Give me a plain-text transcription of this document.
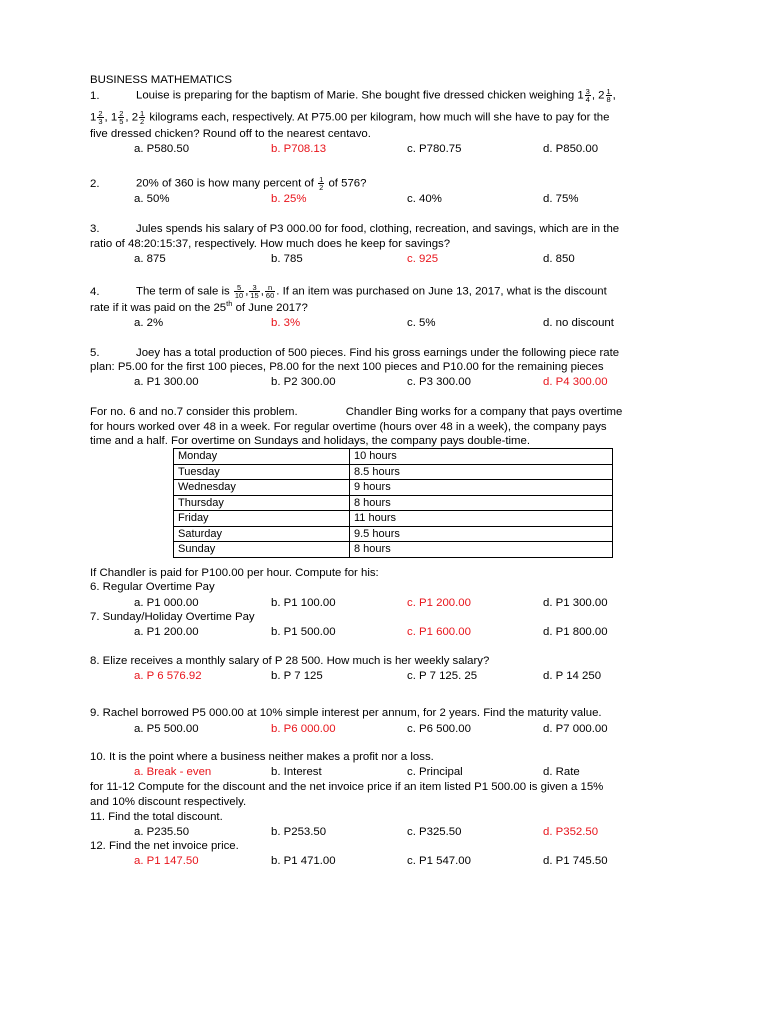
BUSINESS MATHEMATICS
1.	Louise is preparing for the baptism of Marie. She bought five dressed chicken weighing $1 \frac{3}{4}$ , $2 \frac{1}{8}$ ,
$1 \frac{2}{3}$ , $1 \frac{2}{5}$ , $2 \frac{1}{2}$ kilograms each, respectively. At P75.00 per kilogram, how much will she have to pay for the
five dressed chicken? Round off to the nearest centavo.
a. P580.50	b. P708.13	c. P780.75	d. P850.00
2.	20% of 360 is how many percent of $\frac{1}{2}$ of 576?
a. 50%	b. 25%	c. 40%	d. 75%
3.	Jules spends his salary of P3 000.00 for food, clothing, recreation, and savings, which are in the
ratio of 48:20:15:37, respectively. How much does he keep for savings?
a. 875	b. 785	c. 925	d. 850
4.	The term of sale is $\frac{5}{10}$ , $\frac{3}{15}$ , $\frac{n}{60}$ . If an item was purchased on June 13, 2017, what is the discount
rate if it was paid on the 25th of June 2017?
a. 2%	b. 3%	c. 5%	d. no discount
5.	Joey has a total production of 500 pieces. Find his gross earnings under the following piece rate
plan: P5.00 for the first 100 pieces, P8.00 for the next 100 pieces and P10.00 for the remaining pieces
a. P1 300.00	b. P2 300.00	c. P3 300.00	d. P4 300.00
For no. 6 and no.7 consider this problem.	Chandler Bing works for a company that pays overtime
for hours worked over 48 in a week. For regular overtime (hours over 48 in a week), the company pays
time and a half. For overtime on Sundays and holidays, the company pays double-time.
Monday	10 hours
Tuesday	8.5 hours
Wednesday	9 hours
Thursday	8 hours
Friday	11 hours
Saturday	9.5 hours
Sunday	8 hours
If Chandler is paid for P100.00 per hour. Compute for his:
6. Regular Overtime Pay
a. P1 000.00	b. P1 100.00	c. P1 200.00	d. P1 300.00
7. Sunday/Holiday Overtime Pay
a. P1 200.00	b. P1 500.00	c. P1 600.00	d. P1 800.00
8. Elize receives a monthly salary of P 28 500. How much is her weekly salary?
a. P 6 576.92	b. P 7 125	c. P 7 125. 25	d. P 14 250
9. Rachel borrowed P5 000.00 at 10% simple interest per annum, for 2 years. Find the maturity value.
a. P5 500.00	b. P6 000.00	c. P6 500.00	d. P7 000.00
10. It is the point where a business neither makes a profit nor a loss.
a. Break - even	b. Interest	c. Principal	d. Rate
for 11-12 Compute for the discount and the net invoice price if an item listed P1 500.00 is given a 15%
and 10% discount respectively.
11. Find the total discount.
a. P235.50	b. P253.50	c. P325.50	d. P352.50
12. Find the net invoice price.
a. P1 147.50	b. P1 471.00	c. P1 547.00	d. P1 745.50
